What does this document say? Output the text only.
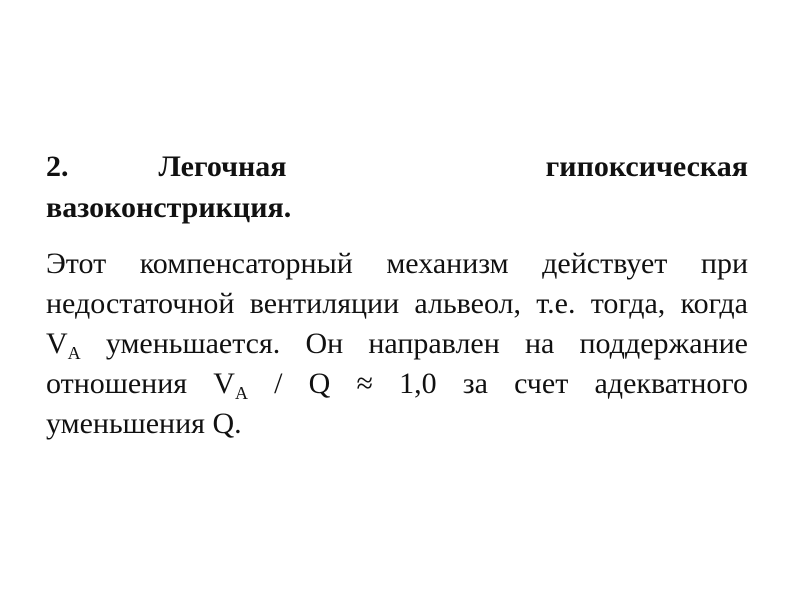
2.   	Легочная гипоксическая вазоконстрикция.

Этот компенсаторный механизм действует при недостаточной вентиляции альвеол, т.е. тогда, когда $V_A$ уменьшается. Он направлен на поддержание отношения $V_A / Q \approx 1,0$ за счет адекватного уменьшения Q.
